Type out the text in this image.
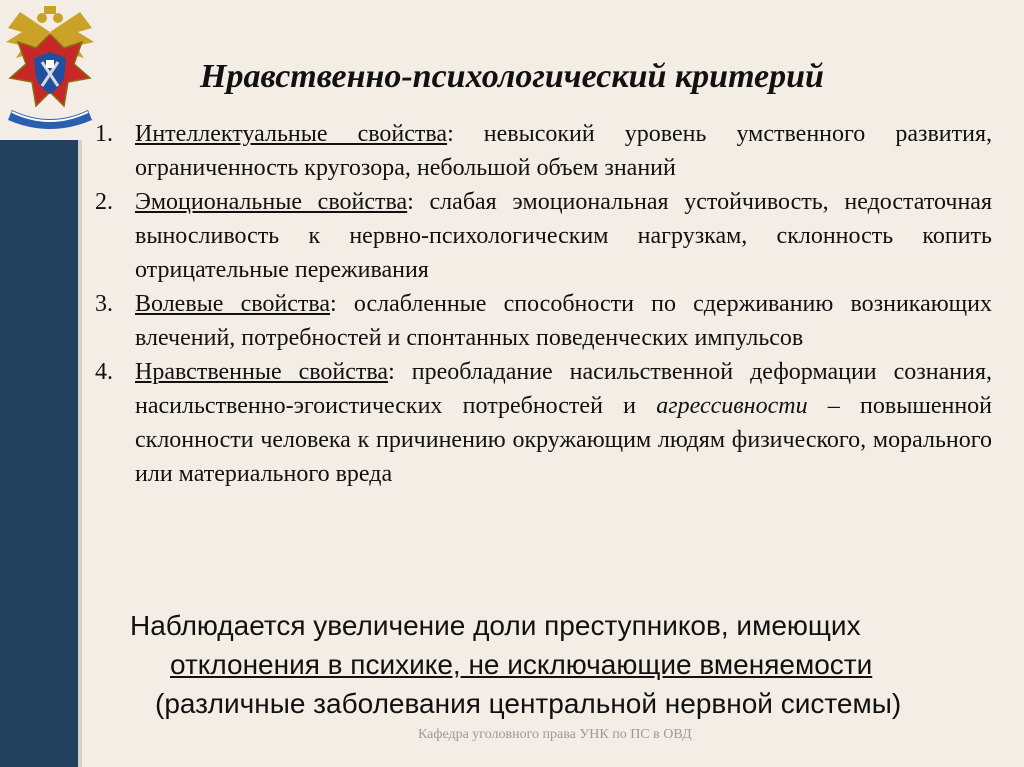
Нравственно-психологический критерий
1. Интеллектуальные свойства: невысокий уровень умственного развития, ограниченность кругозора, небольшой объем знаний
2. Эмоциональные свойства: слабая эмоциональная устойчивость, недостаточная выносливость к нервно-психологическим нагрузкам, склонность копить отрицательные переживания
3. Волевые свойства: ослабленные способности по сдерживанию возникающих влечений, потребностей и спонтанных поведенческих импульсов
4. Нравственные свойства: преобладание насильственной деформации сознания, насильственно-эгоистических потребностей и агрессивности – повышенной склонности человека к причинению окружающим людям физического, морального или материального вреда

Наблюдается увеличение доли преступников, имеющих
отклонения в психике, не исключающие вменяемости
(различные заболевания центральной нервной системы)

Кафедра уголовного права УНК по ПС в ОВД
